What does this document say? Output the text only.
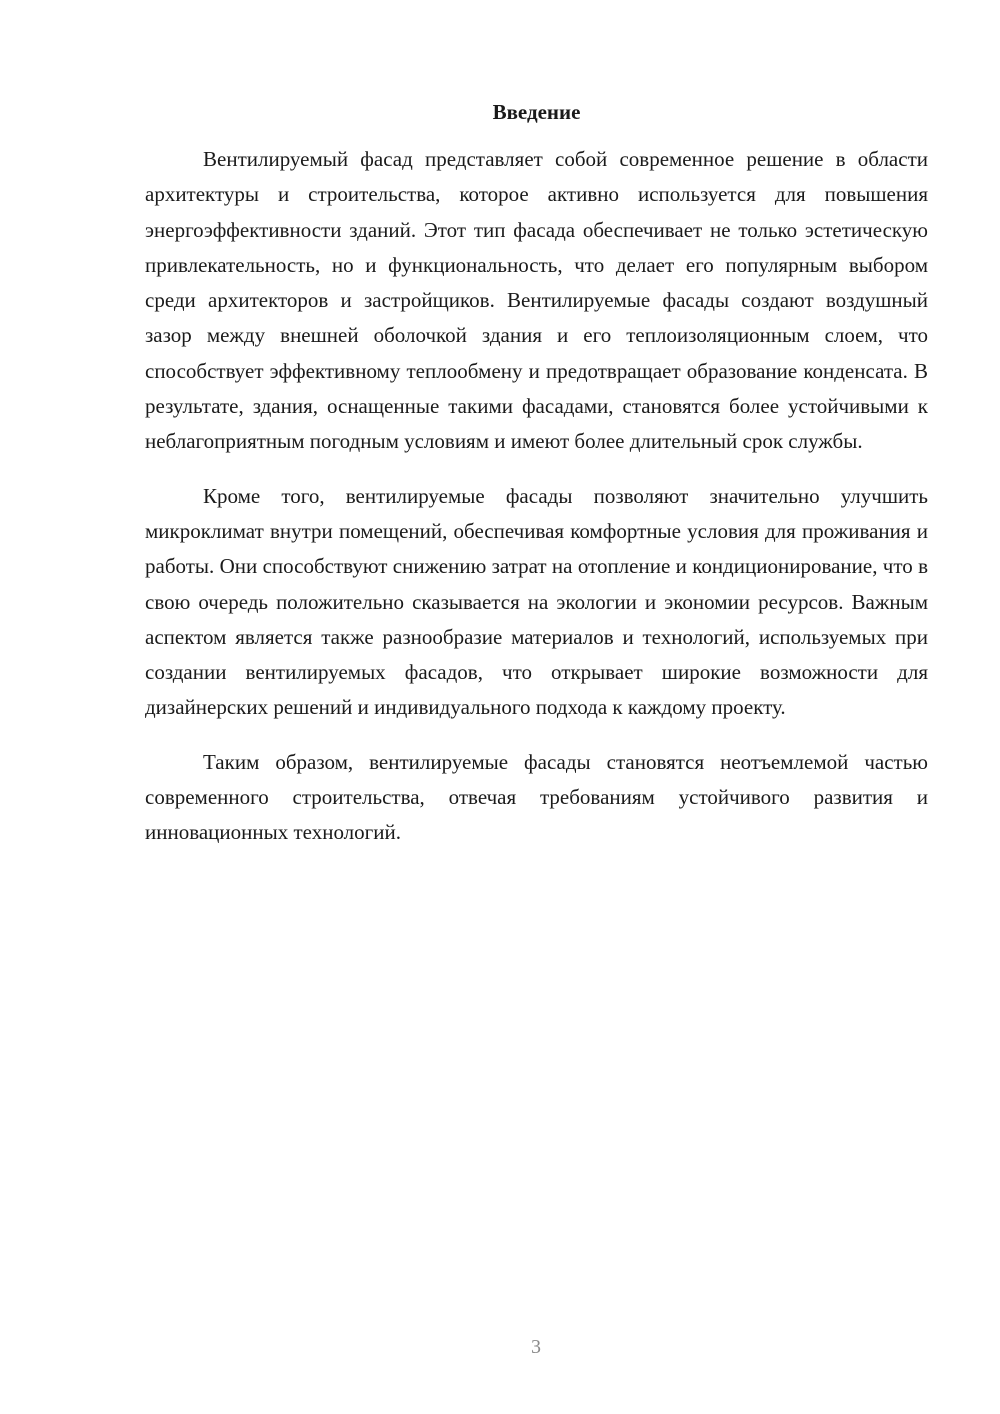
Введение

Вентилируемый фасад представляет собой современное решение в области архитектуры и строительства, которое активно используется для повышения энергоэффективности зданий. Этот тип фасада обеспечивает не только эстетическую привлекательность, но и функциональность, что делает его популярным выбором среди архитекторов и застройщиков. Вентилируемые фасады создают воздушный зазор между внешней оболочкой здания и его теплоизоляционным слоем, что способствует эффективному теплообмену и предотвращает образование конденсата. В результате, здания, оснащенные такими фасадами, становятся более устойчивыми к неблагоприятным погодным условиям и имеют более длительный срок службы.

Кроме того, вентилируемые фасады позволяют значительно улучшить микроклимат внутри помещений, обеспечивая комфортные условия для проживания и работы. Они способствуют снижению затрат на отопление и кондиционирование, что в свою очередь положительно сказывается на экологии и экономии ресурсов. Важным аспектом является также разнообразие материалов и технологий, используемых при создании вентилируемых фасадов, что открывает широкие возможности для дизайнерских решений и индивидуального подхода к каждому проекту.

Таким образом, вентилируемые фасады становятся неотъемлемой частью современного строительства, отвечая требованиям устойчивого развития и инновационных технологий.

3
